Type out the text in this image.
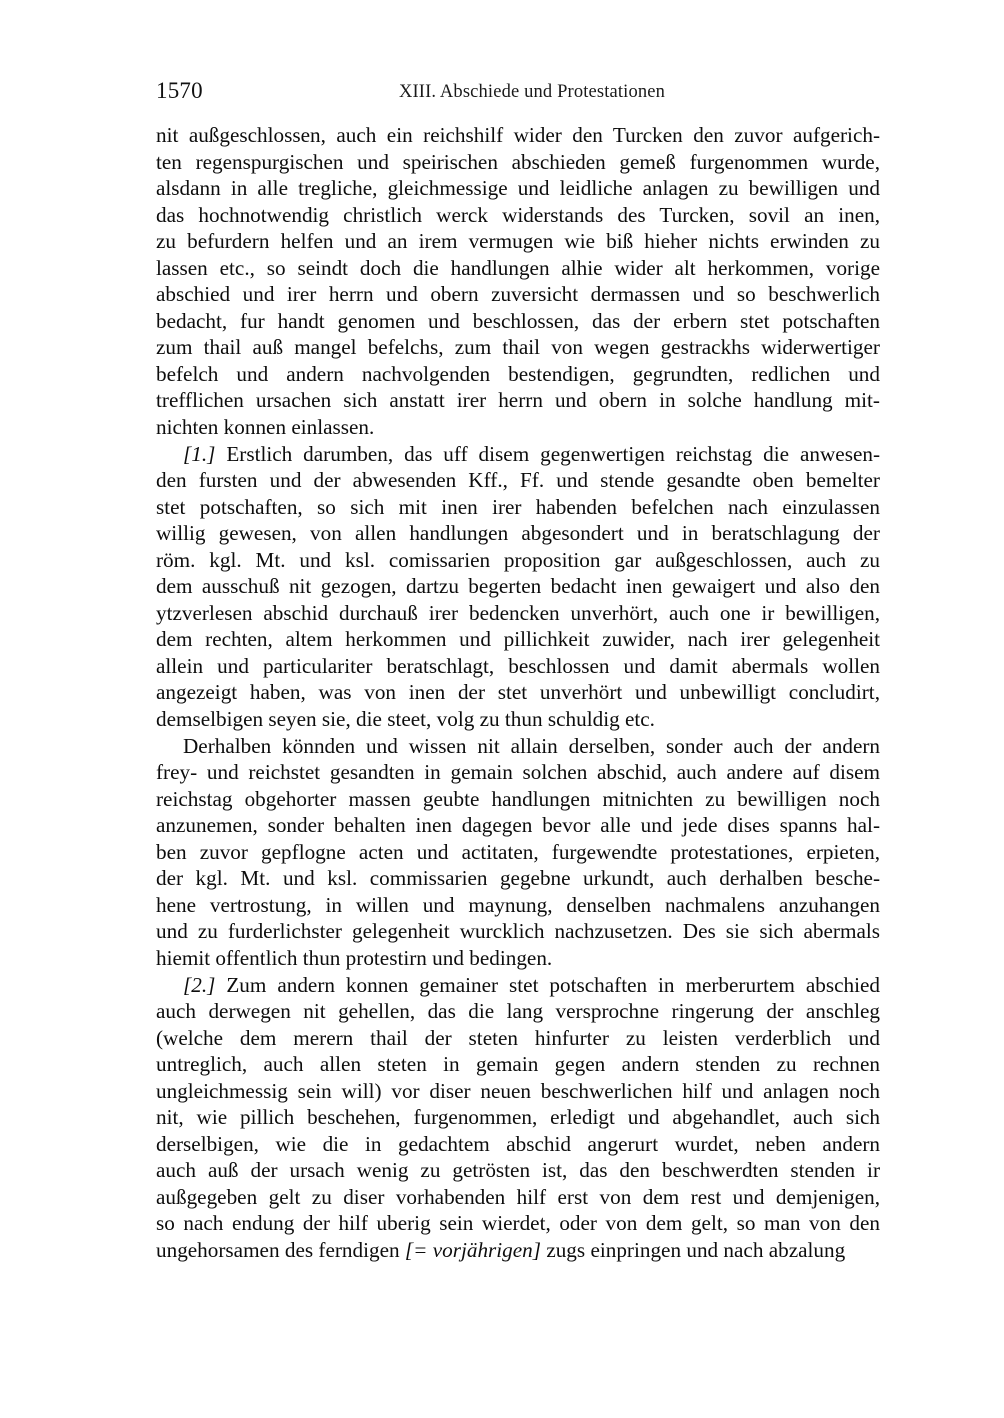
1570	XIII. Abschiede und Protestationen

nit außgeschlossen, auch ein reichshilf wider den Turcken den zuvor aufgerich-
ten regenspurgischen und speirischen abschieden gemeß furgenommen wurde,
alsdann in alle tregliche, gleichmessige und leidliche anlagen zu bewilligen und
das hochnotwendig christlich werck widerstands des Turcken, sovil an inen,
zu befurdern helfen und an irem vermugen wie biß hieher nichts erwinden zu
lassen etc., so seindt doch die handlungen alhie wider alt herkommen, vorige
abschied und irer herrn und obern zuversicht dermassen und so beschwerlich
bedacht, fur handt genomen und beschlossen, das der erbern stet potschaften
zum thail auß mangel befelchs, zum thail von wegen gestrackhs widerwertiger
befelch und andern nachvolgenden bestendigen, gegrundten, redlichen und
trefflichen ursachen sich anstatt irer herrn und obern in solche handlung mit-
nichten konnen einlassen.

[1.] Erstlich darumben, das uff disem gegenwertigen reichstag die anwesen-
den fursten und der abwesenden Kff., Ff. und stende gesandte oben bemelter
stet potschaften, so sich mit inen irer habenden befelchen nach einzulassen
willig gewesen, von allen handlungen abgesondert und in beratschlagung der
röm. kgl. Mt. und ksl. comissarien proposition gar außgeschlossen, auch zu
dem ausschuß nit gezogen, dartzu begerten bedacht inen gewaigert und also den
ytzverlesen abschid durchauß irer bedencken unverhört, auch one ir bewilligen,
dem rechten, altem herkommen und pillichkeit zuwider, nach irer gelegenheit
allein und particulariter beratschlagt, beschlossen und damit abermals wollen
angezeigt haben, was von inen der stet unverhört und unbewilligt concludirt,
demselbigen seyen sie, die steet, volg zu thun schuldig etc.

Derhalben könnden und wissen nit allain derselben, sonder auch der andern
frey- und reichstet gesandten in gemain solchen abschid, auch andere auf disem
reichstag obgehorter massen geubte handlungen mitnichten zu bewilligen noch
anzunemen, sonder behalten inen dagegen bevor alle und jede dises spanns hal-
ben zuvor gepflogne acten und actitaten, furgewendte protestationes, erpieten,
der kgl. Mt. und ksl. commissarien gegebne urkundt, auch derhalben besche-
hene vertrostung, in willen und maynung, denselben nachmalens anzuhangen
und zu furderlichster gelegenheit wurcklich nachzusetzen. Des sie sich abermals
hiemit offentlich thun protestirn und bedingen.

[2.] Zum andern konnen gemainer stet potschaften in merberurtem abschied
auch derwegen nit gehellen, das die lang versprochne ringerung der anschleg
(welche dem merern thail der steten hinfurter zu leisten verderblich und
untreglich, auch allen steten in gemain gegen andern stenden zu rechnen
ungleichmessig sein will) vor diser neuen beschwerlichen hilf und anlagen noch
nit, wie pillich beschehen, furgenommen, erledigt und abgehandlet, auch sich
derselbigen, wie die in gedachtem abschid angerurt wurdet, neben andern
auch auß der ursach wenig zu getrösten ist, das den beschwerdten stenden ir
außgegeben gelt zu diser vorhabenden hilf erst von dem rest und demjenigen,
so nach endung der hilf uberig sein wierdet, oder von dem gelt, so man von den
ungehorsamen des ferndigen [= vorjährigen] zugs einpringen und nach abzalung
